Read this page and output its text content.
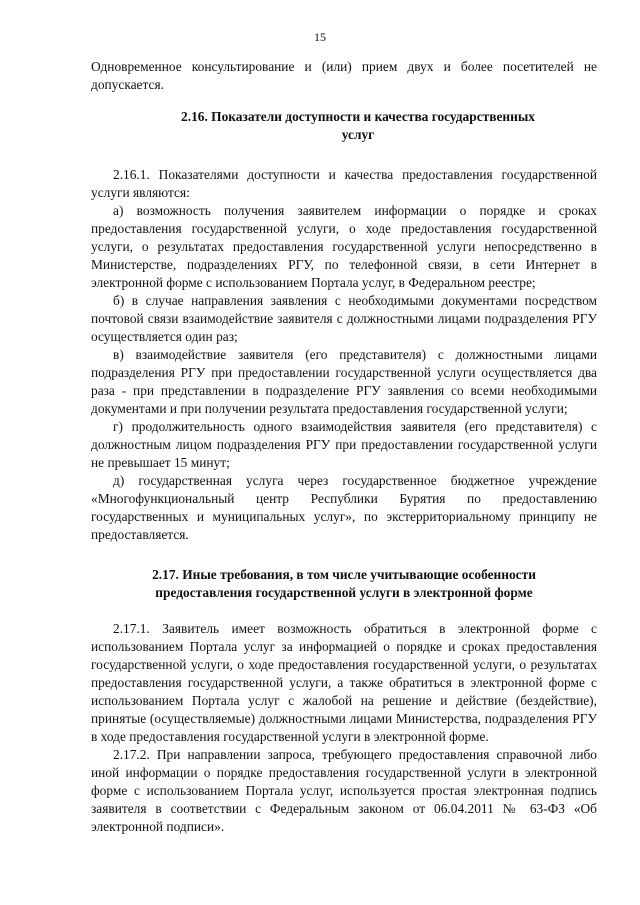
15

Одновременное консультирование и (или) прием двух и более посетителей не допускается.

2.16. Показатели доступности и качества государственных
услуг

2.16.1. Показателями доступности и качества предоставления государственной услуги являются:

а) возможность получения заявителем информации о порядке и сроках предоставления государственной услуги, о ходе предоставления государственной услуги, о результатах предоставления государственной услуги непосредственно в Министерстве, подразделениях РГУ, по телефонной связи, в сети Интернет в электронной форме с использованием Портала услуг, в Федеральном реестре;

б) в случае направления заявления с необходимыми документами посредством почтовой связи взаимодействие заявителя с должностными лицами подразделения РГУ осуществляется один раз;

в) взаимодействие заявителя (его представителя) с должностными лицами подразделения РГУ при предоставлении государственной услуги осуществляется два раза - при представлении в подразделение РГУ заявления со всеми необходимыми документами и при получении результата предоставления государственной услуги;

г) продолжительность одного взаимодействия заявителя (его представителя) с должностным лицом подразделения РГУ при предоставлении государственной услуги не превышает 15 минут;

д) государственная услуга через государственное бюджетное учреждение «Многофункциональный центр Республики Бурятия по предоставлению государственных и муниципальных услуг», по экстерриториальному принципу не предоставляется.

2.17. Иные требования, в том числе учитывающие особенности
предоставления государственной услуги в электронной форме

2.17.1. Заявитель имеет возможность обратиться в электронной форме с использованием Портала услуг за информацией о порядке и сроках предоставления государственной услуги, о ходе предоставления государственной услуги, о результатах предоставления государственной услуги, а также обратиться в электронной форме с использованием Портала услуг с жалобой на решение и действие (бездействие), принятые (осуществляемые) должностными лицами Министерства, подразделения РГУ в ходе предоставления государственной услуги в электронной форме.

2.17.2. При направлении запроса, требующего предоставления справочной либо иной информации о порядке предоставления государственной услуги в электронной форме с использованием Портала услуг, используется простая электронная подпись заявителя в соответствии с Федеральным законом от 06.04.2011 № 63-ФЗ «Об электронной подписи».
